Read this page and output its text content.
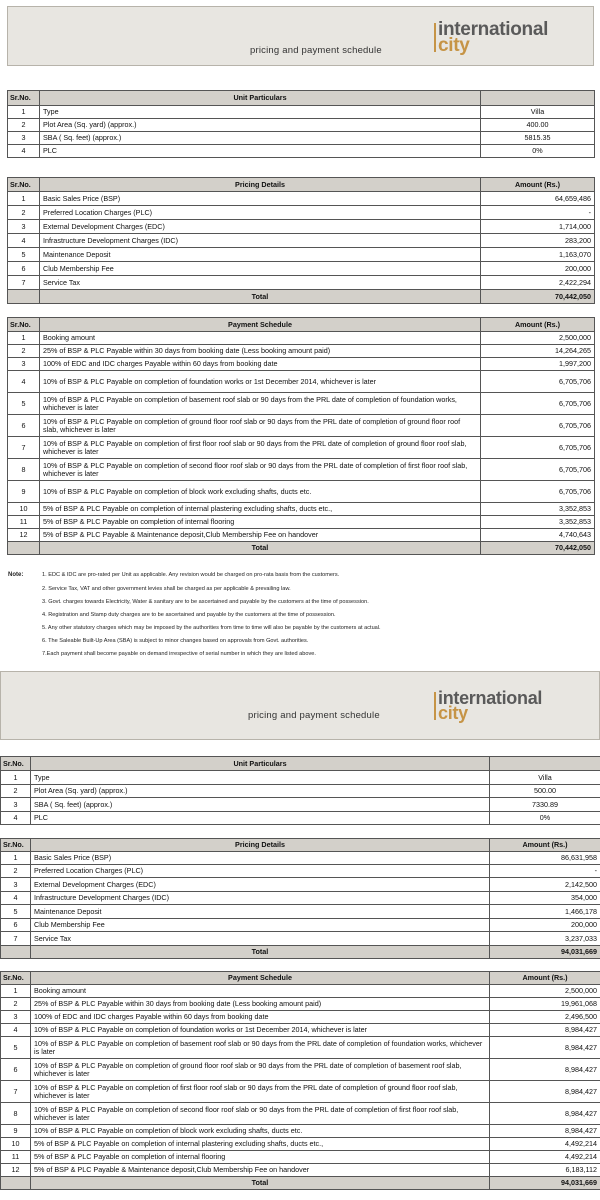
pricing and payment schedule
international
city
Sr.No.	Unit Particulars	
1	Type	Villa
2	Plot Area (Sq. yard) (approx.)	400.00
3	SBA ( Sq. feet) (approx.)	5815.35
4	PLC	0%
Sr.No.	Pricing Details	Amount (Rs.)
1	Basic Sales Price (BSP)	64,659,486
2	Preferred Location Charges (PLC)	-
3	External Development Charges (EDC)	1,714,000
4	Infrastructure Development Charges (IDC)	283,200
5	Maintenance Deposit	1,163,070
6	Club Membership Fee	200,000
7	Service Tax	2,422,294
	Total	70,442,050
Sr.No.	Payment Schedule	Amount (Rs.)
1	Booking amount	2,500,000
2	25% of BSP & PLC Payable within 30 days from booking date (Less booking amount paid)	14,264,265
3	100% of EDC and IDC charges Payable within 60 days from booking date	1,997,200
4	10% of BSP & PLC Payable on completion of foundation works or 1st December 2014, whichever is later	6,705,706
5	10% of BSP & PLC Payable on completion of basement roof slab or 90 days from the PRL date of completion of foundation works, whichever is later	6,705,706
6	10% of BSP & PLC Payable on completion of ground floor roof slab or 90 days from the PRL date of completion of ground floor roof slab, whichever is later	6,705,706
7	10% of BSP & PLC Payable on completion of first floor roof slab or 90 days from the PRL date of completion of ground floor roof slab, whichever is later	6,705,706
8	10% of BSP & PLC Payable on completion of second floor roof slab or 90 days from the PRL date of completion of first floor roof slab, whichever is later	6,705,706
9	10% of BSP & PLC Payable on completion of block work excluding shafts, ducts etc.	6,705,706
10	5% of BSP & PLC Payable on completion of internal plastering excluding shafts, ducts etc.,	3,352,853
11	5% of BSP & PLC Payable on completion of internal flooring	3,352,853
12	5% of BSP & PLC Payable & Maintenance deposit,Club Membership Fee on handover	4,740,643
	Total	70,442,050
Note:	1. EDC & IDC are pro-rated per Unit as applicable. Any revision would be charged on pro-rata basis from the customers.
2. Service Tax, VAT and other government levies shall be charged as per applicable & prevailing law.
3. Govt. charges towards Electricity, Water & sanitary are to be ascertained and payable by the customers at the time of possession.
4. Registration and Stamp duty charges are to be ascertained and payable by the customers at the time of possession.
5. Any other statutory charges which may be imposed by the authorities from time to time will also be payable by the customers at actual.
6. The Saleable Built-Up Area (SBA) is subject to minor changes based on approvals from Govt. authorities.
7.Each payment shall become payable on demand irrespective of serial number in which they are listed above.
pricing and payment schedule
international
city
Sr.No.	Unit Particulars	
1	Type	Villa
2	Plot Area (Sq. yard) (approx.)	500.00
3	SBA ( Sq. feet) (approx.)	7330.89
4	PLC	0%
Sr.No.	Pricing Details	Amount (Rs.)
1	Basic Sales Price (BSP)	86,631,958
2	Preferred Location Charges (PLC)	-
3	External Development Charges (EDC)	2,142,500
4	Infrastructure Development Charges (IDC)	354,000
5	Maintenance Deposit	1,466,178
6	Club Membership Fee	200,000
7	Service Tax	3,237,033
	Total	94,031,669
Sr.No.	Payment Schedule	Amount (Rs.)
1	Booking amount	2,500,000
2	25% of BSP & PLC Payable within 30 days from booking date (Less booking amount paid)	19,961,068
3	100% of EDC and IDC charges Payable within 60 days from booking date	2,496,500
4	10% of BSP & PLC Payable on completion of foundation works or 1st December 2014, whichever is later	8,984,427
5	10% of BSP & PLC Payable on completion of basement roof slab or 90 days from the PRL date of completion of foundation works, whichever is later	8,984,427
6	10% of BSP & PLC Payable on completion of ground floor roof slab or 90 days from the PRL date of completion of basement roof slab, whichever is later	8,984,427
7	10% of BSP & PLC Payable on completion of first floor roof slab or 90 days from the PRL date of completion of ground floor roof slab, whichever is later	8,984,427
8	10% of BSP & PLC Payable on completion of second floor roof slab or 90 days from the PRL date of completion of first floor roof slab, whichever is later	8,984,427
9	10% of BSP & PLC Payable on completion of block work excluding shafts, ducts etc.	8,984,427
10	5% of BSP & PLC Payable on completion of internal plastering excluding shafts, ducts etc.,	4,492,214
11	5% of BSP & PLC Payable on completion of internal flooring	4,492,214
12	5% of BSP & PLC Payable & Maintenance deposit,Club Membership Fee on handover	6,183,112
	Total	94,031,669
